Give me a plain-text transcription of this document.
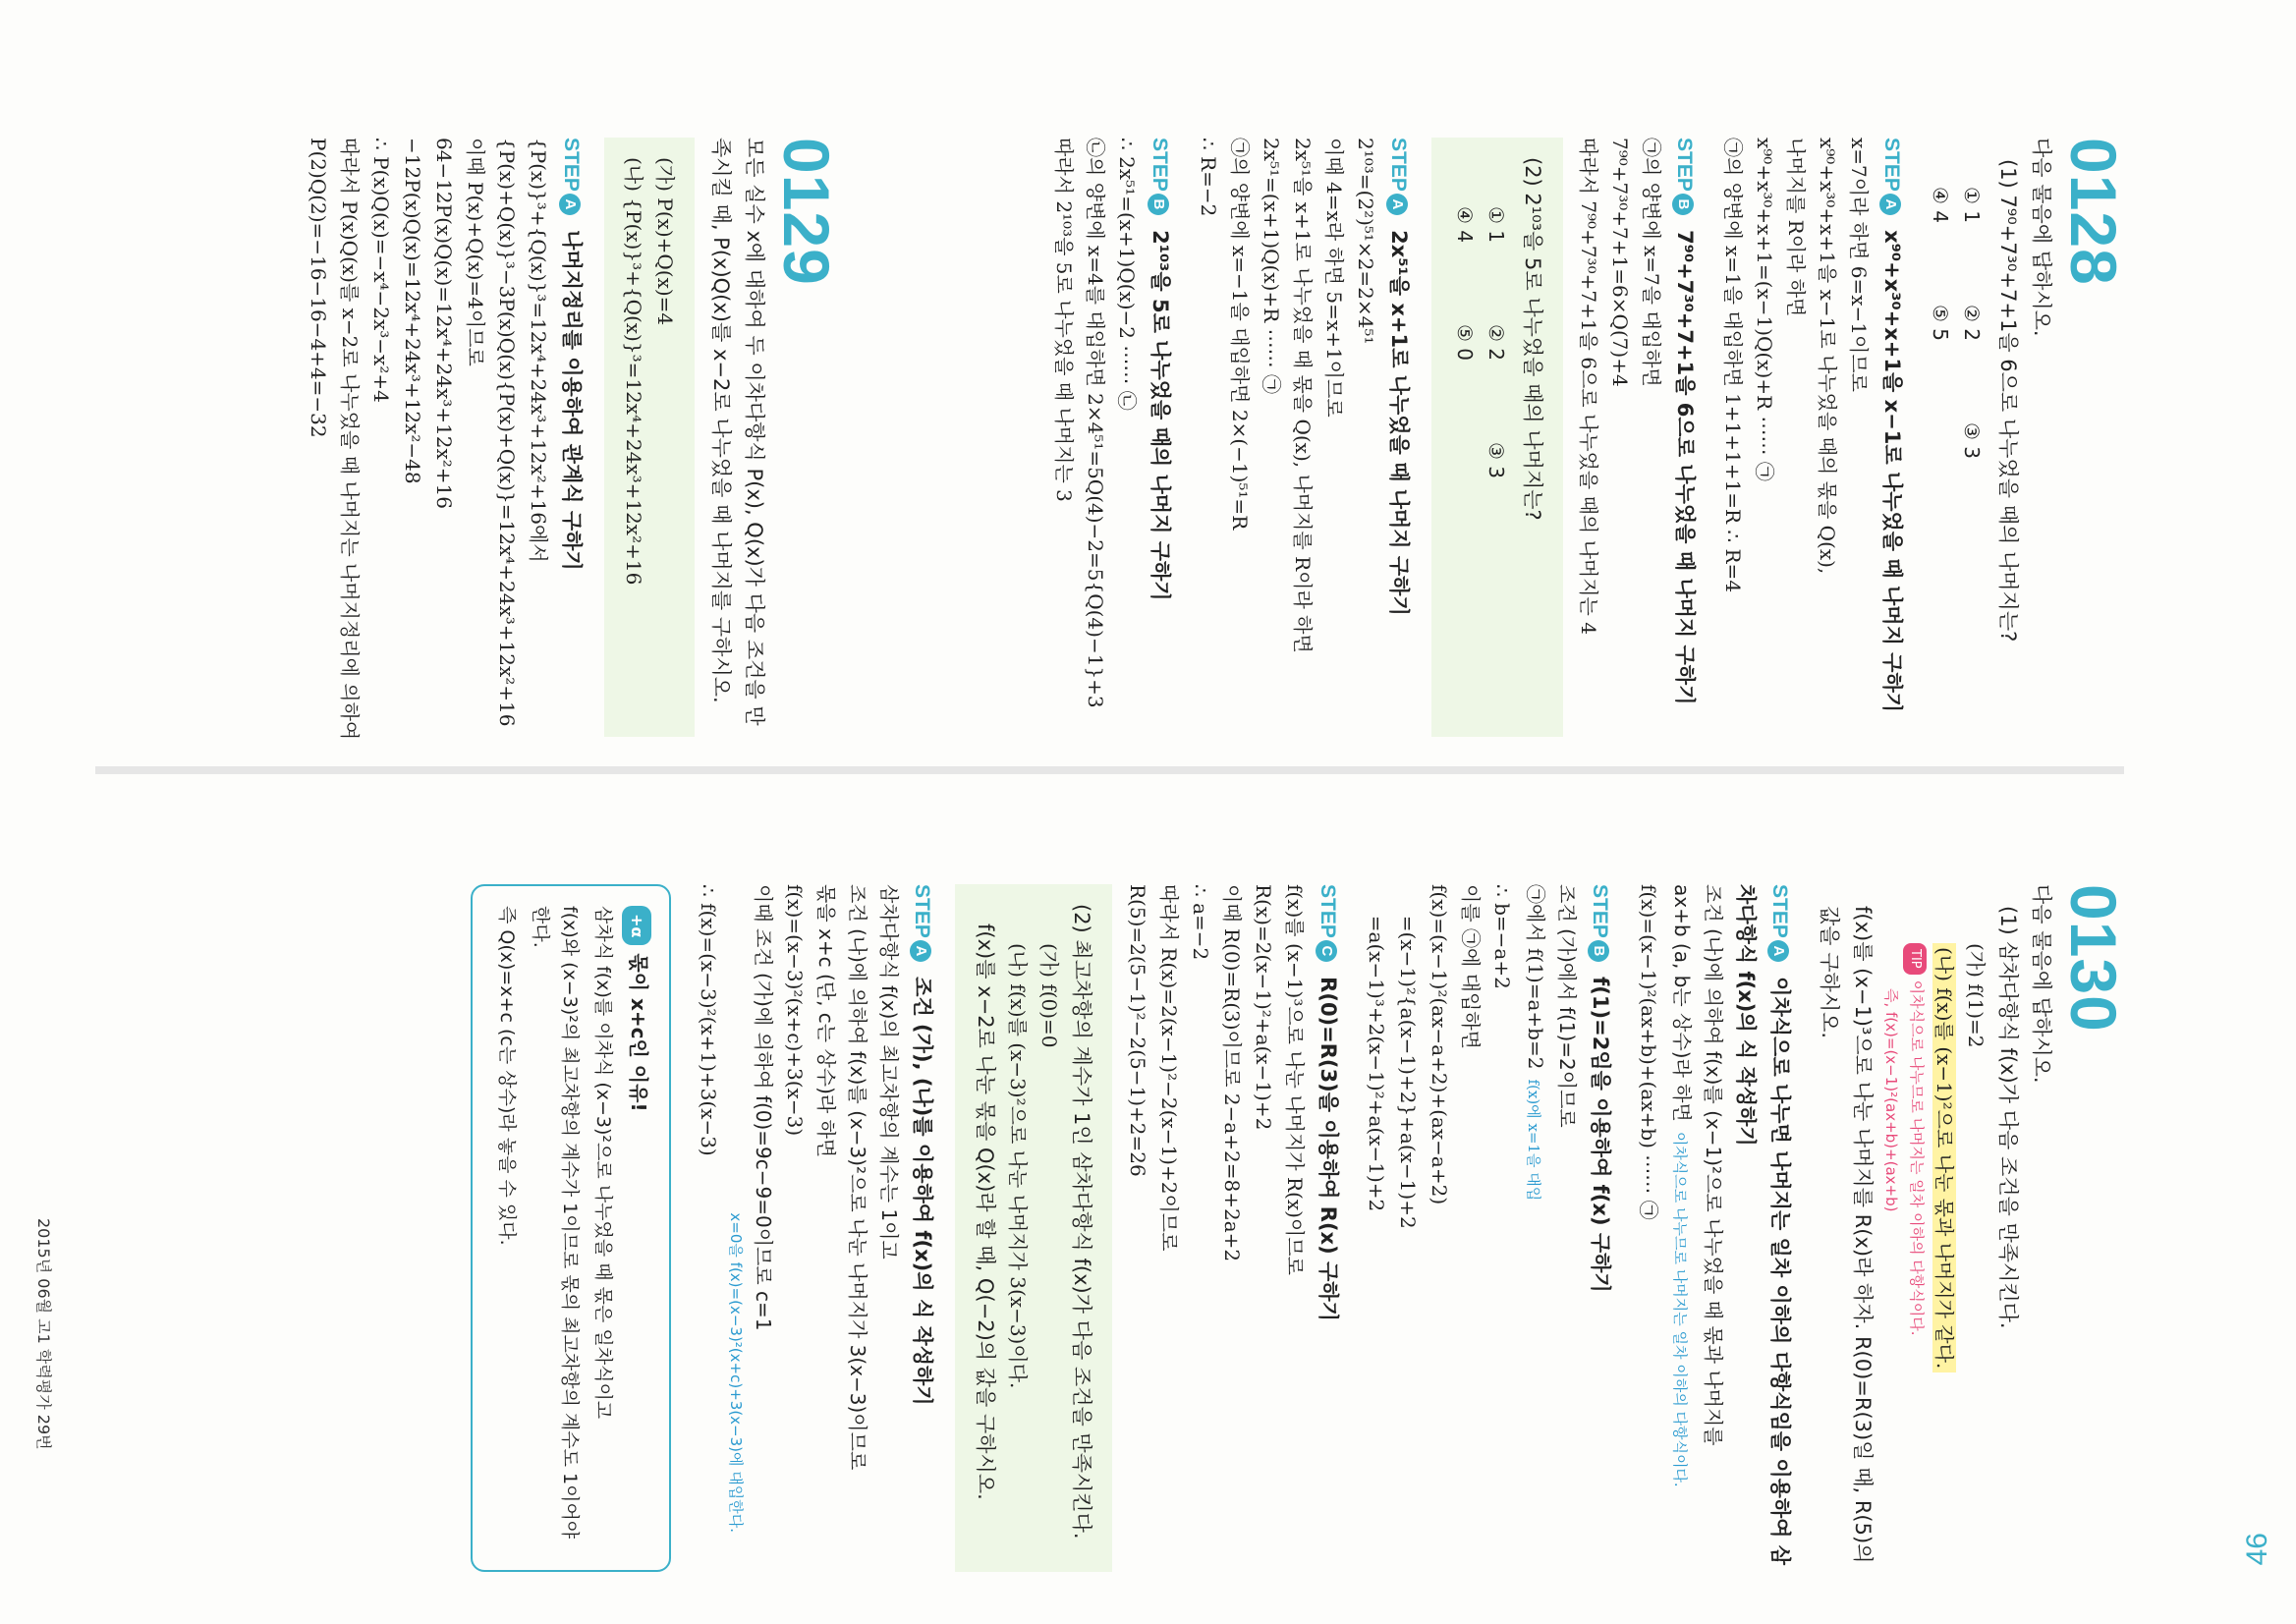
46
2015년 06월 고1 학력평가 29번
0128
다음 물음에 답하시오.
(1) 7⁹⁰+7³⁰+7+1을 6으로 나누었을 때의 나머지는?
① 1
② 2
③ 3
④ 4
⑤ 5
STEPA x⁹⁰+x³⁰+x+1을 x−1로 나누었을 때 나머지 구하기
x=7이라 하면 6=x−1이므로
x⁹⁰+x³⁰+x+1을 x−1로 나누었을 때의 몫을 Q(x),
나머지를 R이라 하면
x⁹⁰+x³⁰+x+1=(x−1)Q(x)+R ⋯⋯ ㉠
㉠의 양변에 x=1을 대입하면 1+1+1+1=R ∴ R=4
STEPB 7⁹⁰+7³⁰+7+1을 6으로 나누었을 때 나머지 구하기
㉠의 양변에 x=7을 대입하면
7⁹⁰+7³⁰+7+1=6×Q(7)+4
따라서 7⁹⁰+7³⁰+7+1을 6으로 나누었을 때의 나머지는 4
(2) 2¹⁰³을 5로 나누었을 때의 나머지는?
① 1
② 2
③ 3
④ 4
⑤ 0
STEPA 2x⁵¹을 x+1로 나누었을 때 나머지 구하기
2¹⁰³=(2²)⁵¹×2=2×4⁵¹
이때 4=x라 하면 5=x+1이므로
2x⁵¹을 x+1로 나누었을 때 몫을 Q(x), 나머지를 R이라 하면
2x⁵¹=(x+1)Q(x)+R ⋯⋯ ㉠
㉠의 양변에 x=−1을 대입하면 2×(−1)⁵¹=R
∴ R=−2
STEPB 2¹⁰³을 5로 나누었을 때의 나머지 구하기
∴ 2x⁵¹=(x+1)Q(x)−2 ⋯⋯ ㉡
㉡의 양변에 x=4를 대입하면 2×4⁵¹=5Q(4)−2=5{Q(4)−1}+3
따라서 2¹⁰³을 5로 나누었을 때 나머지는 3
0129
모든 실수 x에 대하여 두 이차다항식 P(x), Q(x)가 다음 조건을 만족시킬 때, P(x)Q(x)를 x−2로 나누었을 때 나머지를 구하시오.
(가) P(x)+Q(x)=4
(나) {P(x)}³+{Q(x)}³=12x⁴+24x³+12x²+16
STEPA 나머지정리를 이용하여 관계식 구하기
{P(x)}³+{Q(x)}³=12x⁴+24x³+12x²+16에서
{P(x)+Q(x)}³−3P(x)Q(x){P(x)+Q(x)}=12x⁴+24x³+12x²+16
이때 P(x)+Q(x)=4이므로
64−12P(x)Q(x)=12x⁴+24x³+12x²+16
−12P(x)Q(x)=12x⁴+24x³+12x²−48
∴ P(x)Q(x)=−x⁴−2x³−x²+4
따라서 P(x)Q(x)를 x−2로 나누었을 때 나머지는 나머지정리에 의하여
P(2)Q(2)=−16−16−4+4=−32
0130
다음 물음에 답하시오.
(1) 삼차다항식 f(x)가 다음 조건을 만족시킨다.
(가) f(1)=2
(나) f(x)를 (x−1)²으로 나눈 몫과 나머지가 같다.
TIP이차식으로 나누므로 나머지는 일차 이하의 다항식이다.
즉, f(x)=(x−1)²(ax+b)+(ax+b)
f(x)를 (x−1)³으로 나눈 나머지를 R(x)라 하자. R(0)=R(3)일 때, R(5)의 값을 구하시오.
STEPA 이차식으로 나누면 나머지는 일차 이하의 다항식임을 이용하여 삼차다항식 f(x)의 식 작성하기
조건 (나)에 의하여 f(x)를 (x−1)²으로 나누었을 때 몫과 나머지를
ax+b (a, b는 상수)라 하면이차식으로 나누므로 나머지는 일차 이하의 다항식이다.
f(x)=(x−1)²(ax+b)+(ax+b) ⋯⋯ ㉠
STEPB f(1)=2임을 이용하여 f(x) 구하기
조건 (가)에서 f(1)=2이므로
㉠에서 f(1)=a+b=2f(x)에 x=1을 대입
∴ b=−a+2
이를 ㉠에 대입하면
f(x)=(x−1)²(ax−a+2)+(ax−a+2)
=(x−1)²{a(x−1)+2}+a(x−1)+2
=a(x−1)³+2(x−1)²+a(x−1)+2
STEPC R(0)=R(3)을 이용하여 R(x) 구하기
f(x)를 (x−1)³으로 나눈 나머지가 R(x)이므로
R(x)=2(x−1)²+a(x−1)+2
이때 R(0)=R(3)이므로 2−a+2=8+2a+2
∴ a=−2
따라서 R(x)=2(x−1)²−2(x−1)+2이므로
R(5)=2(5−1)²−2(5−1)+2=26
(2) 최고차항의 계수가 1인 삼차다항식 f(x)가 다음 조건을 만족시킨다.
(가) f(0)=0
(나) f(x)를 (x−3)²으로 나눈 나머지가 3(x−3)이다.
f(x)를 x−2로 나눈 몫을 Q(x)라 할 때, Q(−2)의 값을 구하시오.
STEPA 조건 (가), (나)를 이용하여 f(x)의 식 작성하기
삼차다항식 f(x)의 최고차항의 계수는 1이고
조건 (나)에 의하여 f(x)를 (x−3)²으로 나눈 나머지가 3(x−3)이므로
몫을 x+c (단, c는 상수)라 하면
f(x)=(x−3)²(x+c)+3(x−3)
이때 조건 (가)에 의하여 f(0)=9c−9=0이므로 c=1
x=0을 f(x)=(x−3)²(x+c)+3(x−3)에 대입한다.
∴ f(x)=(x−3)²(x+1)+3(x−3)
+α몫이 x+c인 이유!

삼차식 f(x)를 이차식 (x−3)²으로 나누었을 때 몫은 일차식이고

f(x)와 (x−3)²의 최고차항의 계수가 1이므로 몫의 최고차항의 계수도 1이어야 한다.

즉 Q(x)=x+c (c는 상수)라 놓을 수 있다.
